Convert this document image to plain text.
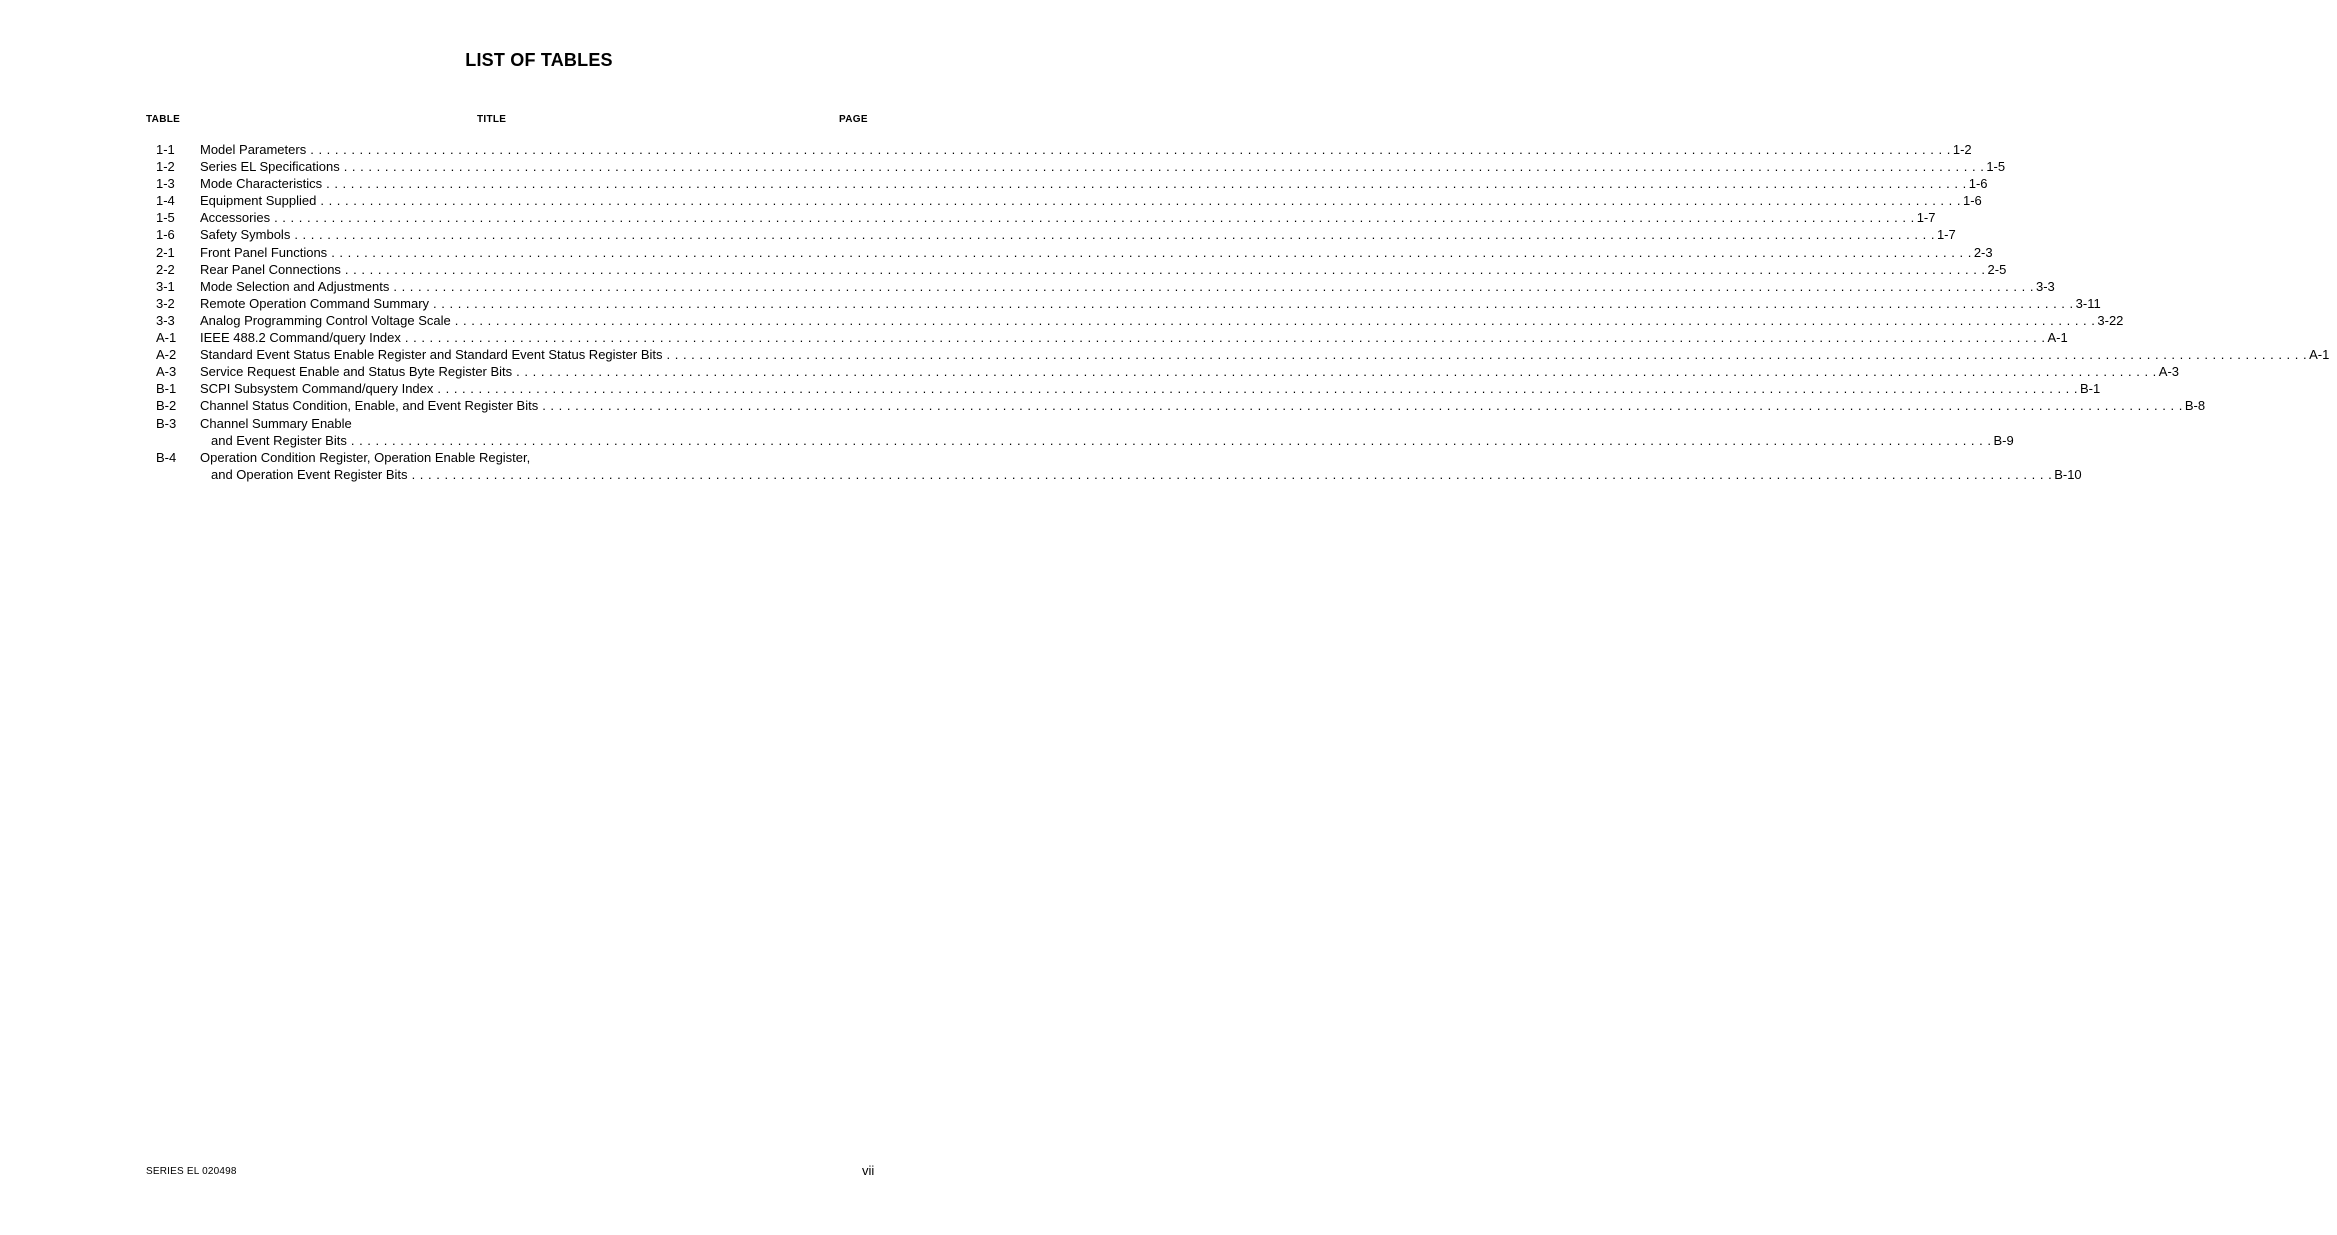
LIST OF TABLES
TABLE	TITLE	PAGE
1-1	Model Parameters . . . . . . . . . . . . . . . . . . . . . . . . . . . . . . . . . . . . . . . . . . . . . . . . . . . . . . . . . . . . . . . . . . . . . . . . . . . . . . . . . . . . . . . . . . . . . . . . . . . . . . . . . . . . . . . . . . . . . . . . . . . . . . . . . . . . . . . . . . . . . . . . . . . . . . . . . . . . . . . . . . . . . . . . . . . . . . . . . . . . . . . . . . . . . . . . . . . . . . . . 1-2
1-2	Series EL Specifications . . . . . . . . . . . . . . . . . . . . . . . . . . . . . . . . . . . . . . . . . . . . . . . . . . . . . . . . . . . . . . . . . . . . . . . . . . . . . . . . . . . . . . . . . . . . . . . . . . . . . . . . . . . . . . . . . . . . . . . . . . . . . . . . . . . . . . . . . . . . . . . . . . . . . . . . . . . . . . . . . . . . . . . . . . . . . . . . . . . . . . . . . . . . . . . . . . . . . . . . 1-5
1-3	Mode Characteristics . . . . . . . . . . . . . . . . . . . . . . . . . . . . . . . . . . . . . . . . . . . . . . . . . . . . . . . . . . . . . . . . . . . . . . . . . . . . . . . . . . . . . . . . . . . . . . . . . . . . . . . . . . . . . . . . . . . . . . . . . . . . . . . . . . . . . . . . . . . . . . . . . . . . . . . . . . . . . . . . . . . . . . . . . . . . . . . . . . . . . . . . . . . . . . . . . . . . . . . . 1-6
1-4	Equipment Supplied . . . . . . . . . . . . . . . . . . . . . . . . . . . . . . . . . . . . . . . . . . . . . . . . . . . . . . . . . . . . . . . . . . . . . . . . . . . . . . . . . . . . . . . . . . . . . . . . . . . . . . . . . . . . . . . . . . . . . . . . . . . . . . . . . . . . . . . . . . . . . . . . . . . . . . . . . . . . . . . . . . . . . . . . . . . . . . . . . . . . . . . . . . . . . . . . . . . . . . . . 1-6
1-5	Accessories . . . . . . . . . . . . . . . . . . . . . . . . . . . . . . . . . . . . . . . . . . . . . . . . . . . . . . . . . . . . . . . . . . . . . . . . . . . . . . . . . . . . . . . . . . . . . . . . . . . . . . . . . . . . . . . . . . . . . . . . . . . . . . . . . . . . . . . . . . . . . . . . . . . . . . . . . . . . . . . . . . . . . . . . . . . . . . . . . . . . . . . . . . . . . . . . . . . . . . . . 1-7
1-6	Safety Symbols . . . . . . . . . . . . . . . . . . . . . . . . . . . . . . . . . . . . . . . . . . . . . . . . . . . . . . . . . . . . . . . . . . . . . . . . . . . . . . . . . . . . . . . . . . . . . . . . . . . . . . . . . . . . . . . . . . . . . . . . . . . . . . . . . . . . . . . . . . . . . . . . . . . . . . . . . . . . . . . . . . . . . . . . . . . . . . . . . . . . . . . . . . . . . . . . . . . . . . . . 1-7
2-1	Front Panel Functions . . . . . . . . . . . . . . . . . . . . . . . . . . . . . . . . . . . . . . . . . . . . . . . . . . . . . . . . . . . . . . . . . . . . . . . . . . . . . . . . . . . . . . . . . . . . . . . . . . . . . . . . . . . . . . . . . . . . . . . . . . . . . . . . . . . . . . . . . . . . . . . . . . . . . . . . . . . . . . . . . . . . . . . . . . . . . . . . . . . . . . . . . . . . . . . . . . . . . . . . 2-3
2-2	Rear Panel Connections . . . . . . . . . . . . . . . . . . . . . . . . . . . . . . . . . . . . . . . . . . . . . . . . . . . . . . . . . . . . . . . . . . . . . . . . . . . . . . . . . . . . . . . . . . . . . . . . . . . . . . . . . . . . . . . . . . . . . . . . . . . . . . . . . . . . . . . . . . . . . . . . . . . . . . . . . . . . . . . . . . . . . . . . . . . . . . . . . . . . . . . . . . . . . . . . . . . . . . . . 2-5
3-1	Mode Selection and Adjustments . . . . . . . . . . . . . . . . . . . . . . . . . . . . . . . . . . . . . . . . . . . . . . . . . . . . . . . . . . . . . . . . . . . . . . . . . . . . . . . . . . . . . . . . . . . . . . . . . . . . . . . . . . . . . . . . . . . . . . . . . . . . . . . . . . . . . . . . . . . . . . . . . . . . . . . . . . . . . . . . . . . . . . . . . . . . . . . . . . . . . . . . . . . . . . . . . . . . . . . . 3-3
3-2	Remote Operation Command Summary . . . . . . . . . . . . . . . . . . . . . . . . . . . . . . . . . . . . . . . . . . . . . . . . . . . . . . . . . . . . . . . . . . . . . . . . . . . . . . . . . . . . . . . . . . . . . . . . . . . . . . . . . . . . . . . . . . . . . . . . . . . . . . . . . . . . . . . . . . . . . . . . . . . . . . . . . . . . . . . . . . . . . . . . . . . . . . . . . . . . . . . . . . . . . . . . . . . . . . . . 3-11
3-3	Analog Programming Control Voltage Scale . . . . . . . . . . . . . . . . . . . . . . . . . . . . . . . . . . . . . . . . . . . . . . . . . . . . . . . . . . . . . . . . . . . . . . . . . . . . . . . . . . . . . . . . . . . . . . . . . . . . . . . . . . . . . . . . . . . . . . . . . . . . . . . . . . . . . . . . . . . . . . . . . . . . . . . . . . . . . . . . . . . . . . . . . . . . . . . . . . . . . . . . . . . . . . . . . . . . . . . . 3-22
A-1	IEEE 488.2 Command/query Index . . . . . . . . . . . . . . . . . . . . . . . . . . . . . . . . . . . . . . . . . . . . . . . . . . . . . . . . . . . . . . . . . . . . . . . . . . . . . . . . . . . . . . . . . . . . . . . . . . . . . . . . . . . . . . . . . . . . . . . . . . . . . . . . . . . . . . . . . . . . . . . . . . . . . . . . . . . . . . . . . . . . . . . . . . . . . . . . . . . . . . . . . . . . . . . . . . . . . . . . A-1
A-2	Standard Event Status Enable Register and Standard Event Status Register Bits . . . . . . . . . . . . . . . . . . . . . . . . . . . . . . . . . . . . . . . . . . . . . . . . . . . . . . . . . . . . . . . . . . . . . . . . . . . . . . . . . . . . . . . . . . . . . . . . . . . . . . . . . . . . . . . . . . . . . . . . . . . . . . . . . . . . . . . . . . . . . . . . . . . . . . . . . . . . . . . . . . . . . . . . . . . . . . . . . . . . . . . . . . . . . . . . . . . . . . . . A-1
A-3	Service Request Enable and Status Byte Register Bits . . . . . . . . . . . . . . . . . . . . . . . . . . . . . . . . . . . . . . . . . . . . . . . . . . . . . . . . . . . . . . . . . . . . . . . . . . . . . . . . . . . . . . . . . . . . . . . . . . . . . . . . . . . . . . . . . . . . . . . . . . . . . . . . . . . . . . . . . . . . . . . . . . . . . . . . . . . . . . . . . . . . . . . . . . . . . . . . . . . . . . . . . . . . . . . . . . . . . . . . A-3
B-1	SCPI Subsystem Command/query Index . . . . . . . . . . . . . . . . . . . . . . . . . . . . . . . . . . . . . . . . . . . . . . . . . . . . . . . . . . . . . . . . . . . . . . . . . . . . . . . . . . . . . . . . . . . . . . . . . . . . . . . . . . . . . . . . . . . . . . . . . . . . . . . . . . . . . . . . . . . . . . . . . . . . . . . . . . . . . . . . . . . . . . . . . . . . . . . . . . . . . . . . . . . . . . . . . . . . . . . . B-1
B-2	Channel Status Condition, Enable, and Event Register Bits . . . . . . . . . . . . . . . . . . . . . . . . . . . . . . . . . . . . . . . . . . . . . . . . . . . . . . . . . . . . . . . . . . . . . . . . . . . . . . . . . . . . . . . . . . . . . . . . . . . . . . . . . . . . . . . . . . . . . . . . . . . . . . . . . . . . . . . . . . . . . . . . . . . . . . . . . . . . . . . . . . . . . . . . . . . . . . . . . . . . . . . . . . . . . . . . . . . . . . . . B-8
B-3	Channel Summary Enable
and Event Register Bits . . . . . . . . . . . . . . . . . . . . . . . . . . . . . . . . . . . . . . . . . . . . . . . . . . . . . . . . . . . . . . . . . . . . . . . . . . . . . . . . . . . . . . . . . . . . . . . . . . . . . . . . . . . . . . . . . . . . . . . . . . . . . . . . . . . . . . . . . . . . . . . . . . . . . . . . . . . . . . . . . . . . . . . . . . . . . . . . . . . . . . . . . . . . . . . . . . . . . . . . B-9
B-4	Operation Condition Register, Operation Enable Register,
and Operation Event Register Bits . . . . . . . . . . . . . . . . . . . . . . . . . . . . . . . . . . . . . . . . . . . . . . . . . . . . . . . . . . . . . . . . . . . . . . . . . . . . . . . . . . . . . . . . . . . . . . . . . . . . . . . . . . . . . . . . . . . . . . . . . . . . . . . . . . . . . . . . . . . . . . . . . . . . . . . . . . . . . . . . . . . . . . . . . . . . . . . . . . . . . . . . . . . . . . . . . . . . . . . . B-10
SERIES EL 020498	vii
